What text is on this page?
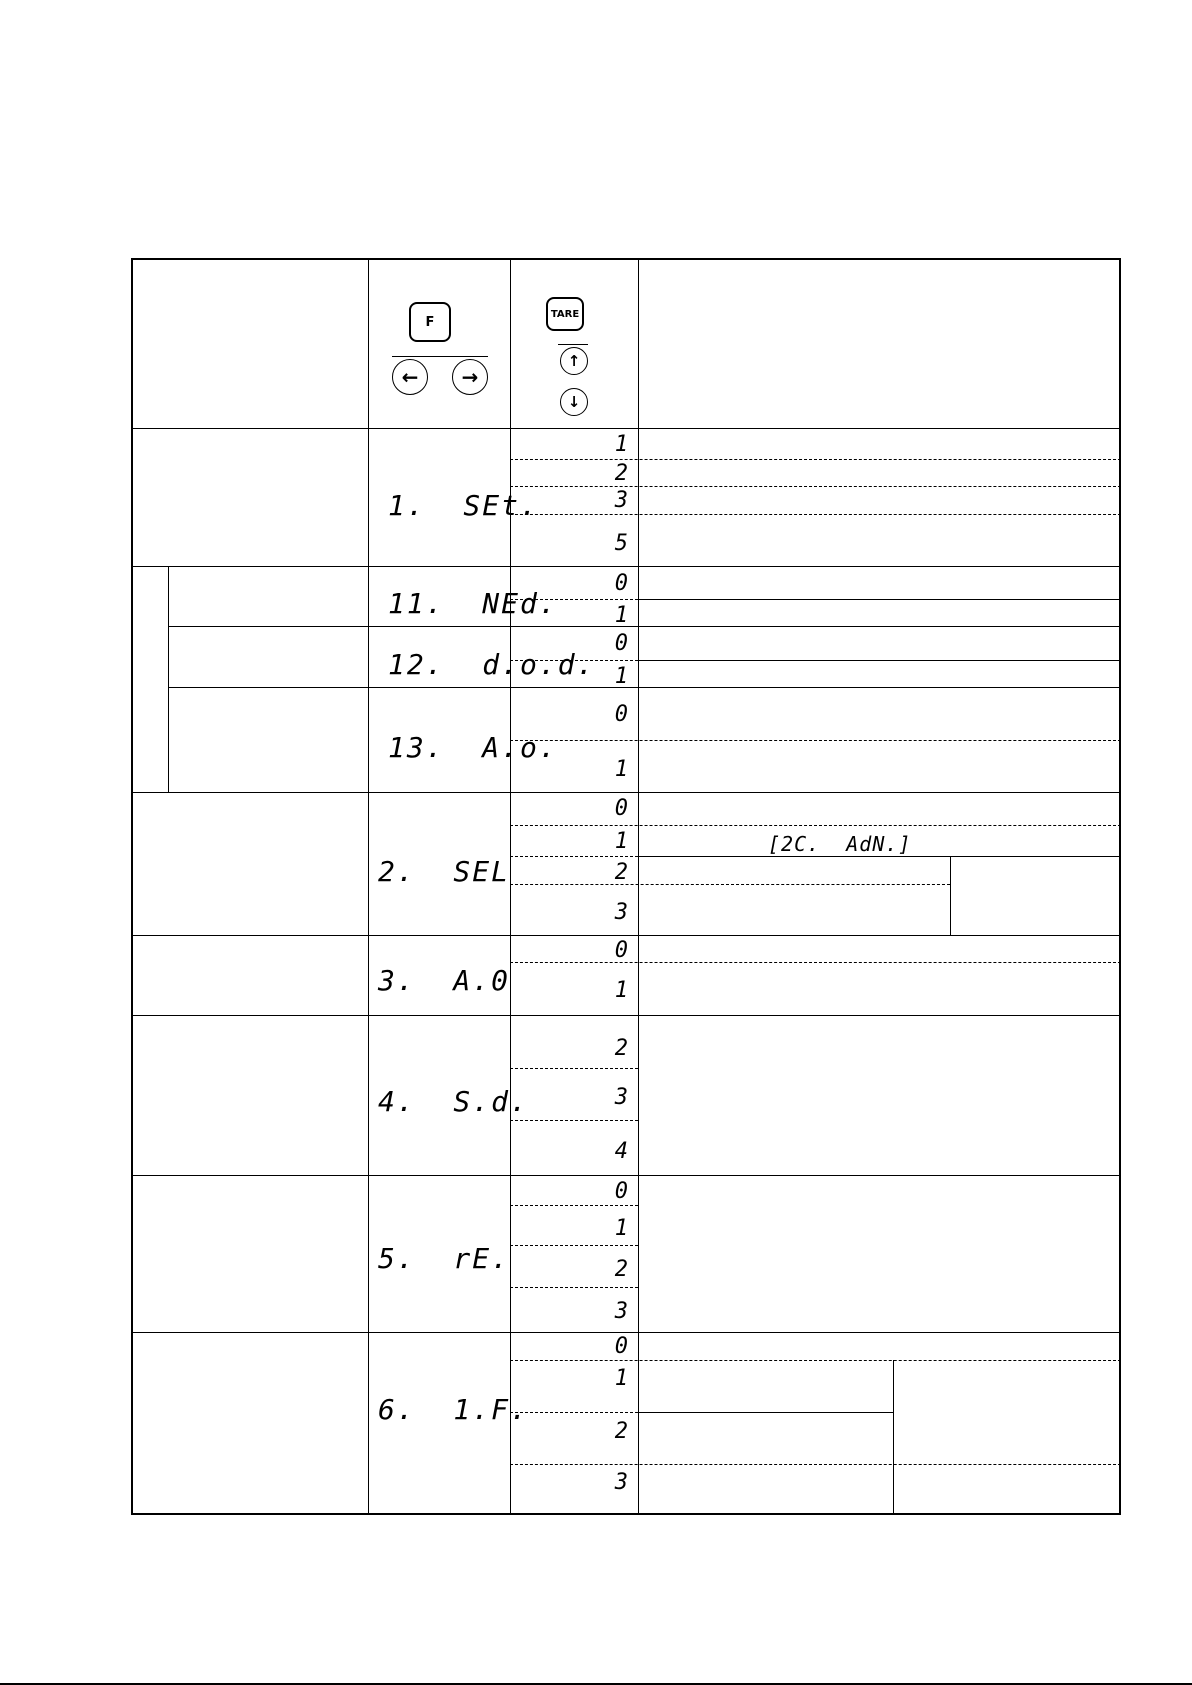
F
←	→
TARE
↑
↓
1.  SEt.
11.  NEd.
12.  d.o.d.
13.  A.o.
2.  SEL
3.  A.0
4.  S.d.
5.  rE.
6.  1.F.
[2C.  AdN.]
1
2
3
5
0
1
0
1
0
1
0
1
2
3
0
1
2
3
4
0
1
2
3
0
1
2
3
